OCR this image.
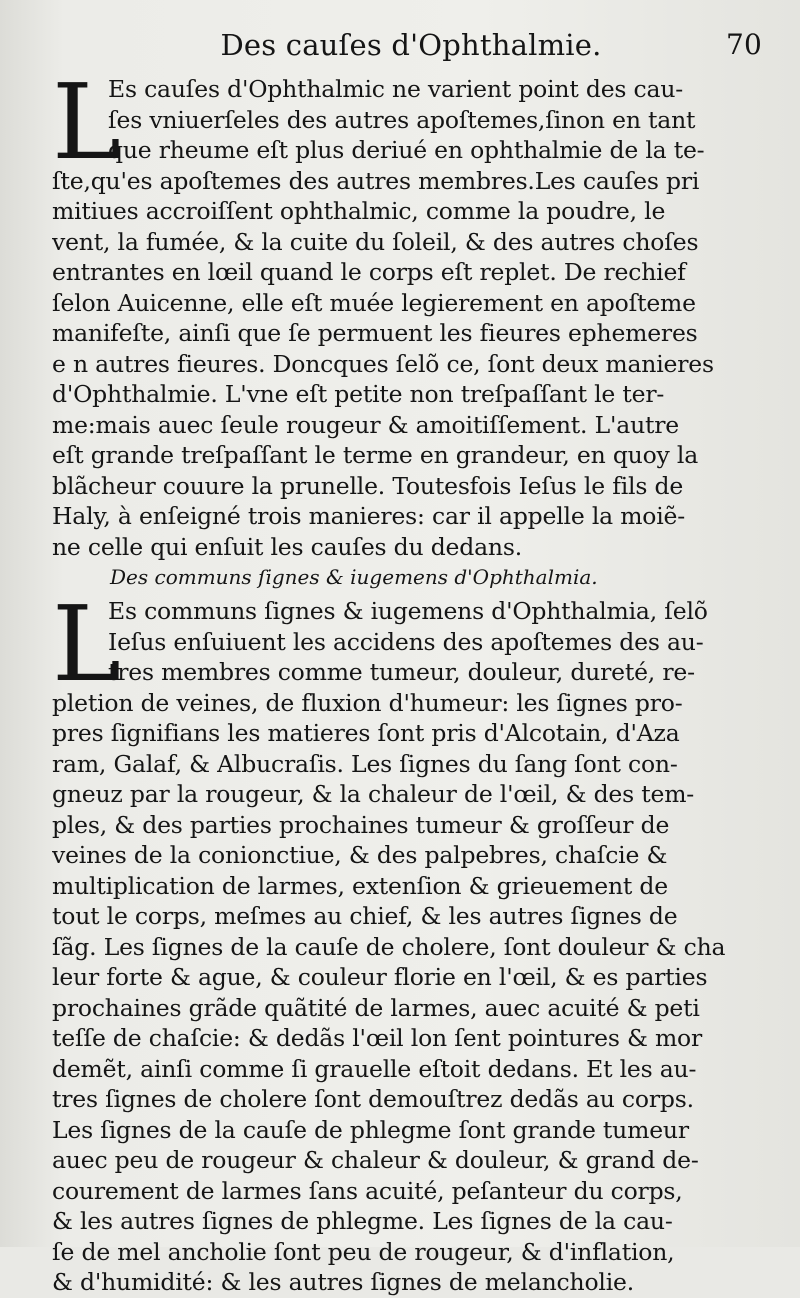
Des cauſes d'Ophthalmie.	70
L
Es cauſes d'Ophthalmic ne varient point des cau-
ſes vniuerſeles des autres apoſtemes,ſinon en tant
que rheume eſt plus deriué en ophthalmie de la te-
ſte,qu'es apoſtemes des autres membres.Les cauſes pri
mitiues accroiſſent ophthalmic, comme la poudre, le
vent, la fumée, & la cuite du ſoleil, & des autres choſes
entrantes en lœil quand le corps eſt replet. De rechief
ſelon Auicenne, elle eſt muée legierement en apoſteme
manifeſte, ainſi que ſe permuent les fieures ephemeres
e n autres fieures. Doncques ſelõ ce, ſont deux manieres
d'Ophthalmie. L'vne eſt petite non treſpaſſant le ter-
me:mais auec ſeule rougeur & amoitiſſement. L'autre
eſt grande treſpaſſant le terme en grandeur, en quoy la
blãcheur couure la prunelle. Toutesfois Ieſus le fils de
Haly, à enſeigné trois manieres: car il appelle la moiẽ-
ne celle qui enſuit les cauſes du dedans.
Des communs ſignes & iugemens d'Ophthalmia.
L
Es communs ſignes & iugemens d'Ophthalmia, ſelõ
Ieſus enſuiuent les accidens des apoſtemes des au-
tres membres comme tumeur, douleur, dureté, re-
pletion de veines, de fluxion d'humeur: les ſignes pro-
pres ſignifians les matieres ſont pris d'Alcotain, d'Aza
ram, Galaf, & Albucraſis. Les ſignes du ſang ſont con-
gneuz par la rougeur, & la chaleur de l'œil, & des tem-
ples, & des parties prochaines tumeur & groſſeur de
veines de la conionctiue, & des palpebres, chaſcie &
multiplication de larmes, extenſion & grieuement de
tout le corps, meſmes au chief, & les autres ſignes de
ſãg. Les ſignes de la cauſe de cholere, ſont douleur & cha
leur forte & ague, & couleur florie en l'œil, & es parties
prochaines grãde quãtité de larmes, auec acuité & peti
teſſe de chaſcie: & dedãs l'œil lon ſent pointures & mor
demẽt, ainſi comme ſi grauelle eſtoit dedans. Et les au-
tres ſignes de cholere ſont demouſtrez dedãs au corps.
Les ſignes de la cauſe de phlegme ſont grande tumeur
auec peu de rougeur & chaleur & douleur, & grand de-
courement de larmes ſans acuité, peſanteur du corps,
& les autres ſignes de phlegme. Les ſignes de la cau-
ſe de mel ancholie ſont peu de rougeur, & d'inflation,
& d'humidité: & les autres ſignes de melancholie.
